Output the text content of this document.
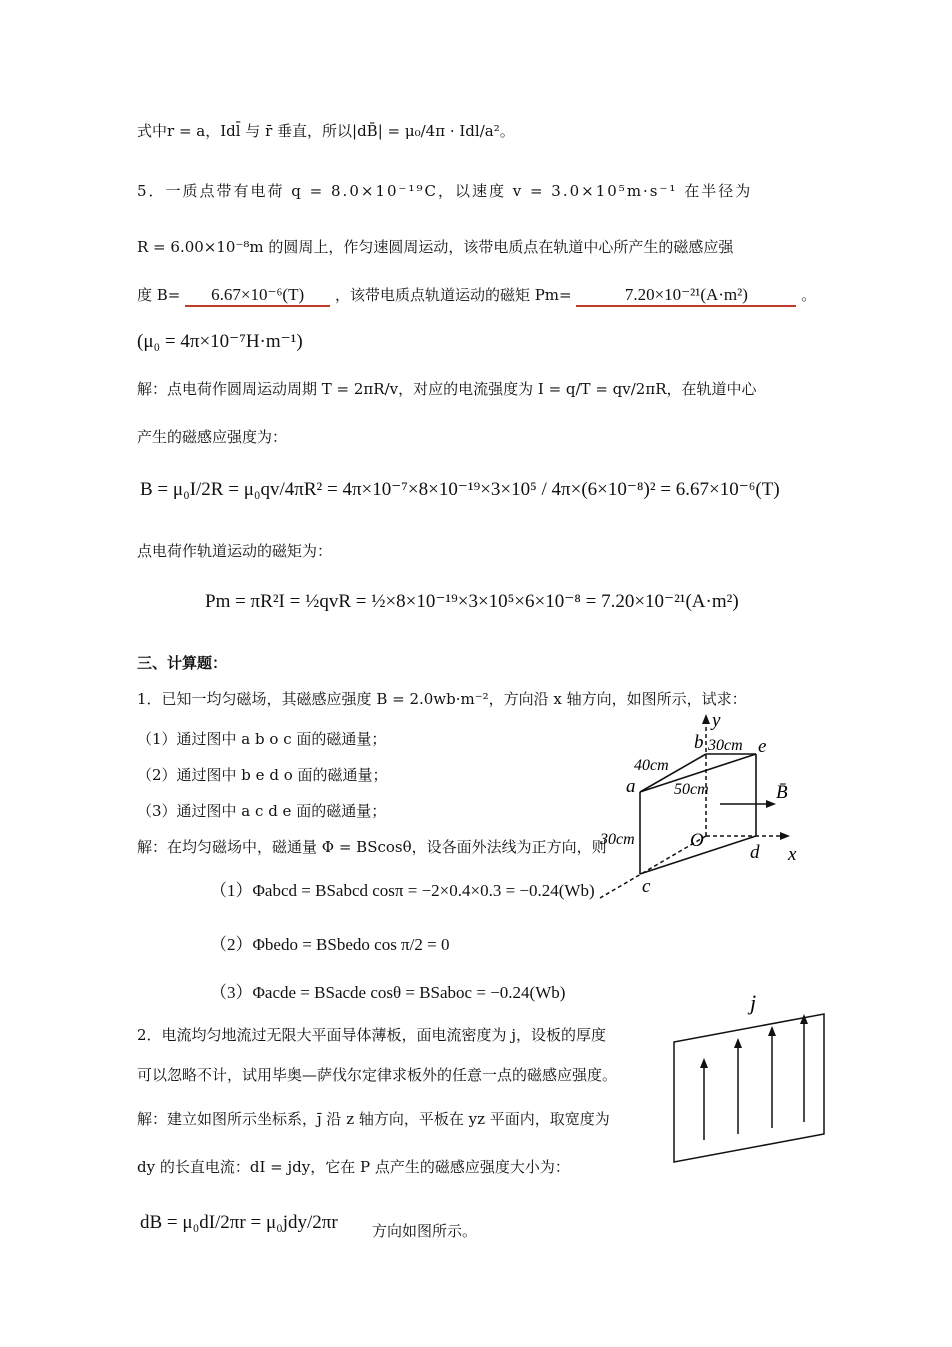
式中r = a，Idl̄ 与 r̄ 垂直，所以|dB̄| = μ₀/4π · Idl/a²。
5．一质点带有电荷 q = 8.0×10⁻¹⁹C，以速度 v = 3.0×10⁵m·s⁻¹ 在半径为
R = 6.00×10⁻⁸m 的圆周上，作匀速圆周运动，该带电质点在轨道中心所产生的磁感应强
度 B= 6.67×10⁻⁶(T) ，该带电质点轨道运动的磁矩 Pm=	7.20×10⁻²¹(A·m²)	。
(μ₀ = 4π×10⁻⁷H·m⁻¹)
解：点电荷作圆周运动周期 T = 2πR/v，对应的电流强度为 I = q/T = qv/2πR，在轨道中心
产生的磁感应强度为：
B = μ₀I/2R = μ₀qv/4πR² = 4π×10⁻⁷×8×10⁻¹⁹×3×10⁵ / 4π×(6×10⁻⁸)² = 6.67×10⁻⁶(T)
点电荷作轨道运动的磁矩为：
Pm = πR²I = ½qvR = ½×8×10⁻¹⁹×3×10⁵×6×10⁻⁸ = 7.20×10⁻²¹(A·m²)
三、计算题：
1．已知一均匀磁场，其磁感应强度 B = 2.0wb·m⁻²，方向沿 x 轴方向，如图所示，试求：
（1）通过图中 a b o c 面的磁通量；
（2）通过图中 b e d o 面的磁通量；
（3）通过图中 a c d e 面的磁通量；
解：在均匀磁场中，磁通量 Φ = BScosθ，设各面外法线为正方向，则
（1）Φabcd = BSabcd cosπ = −2×0.4×0.3 = −0.24(Wb)
（2）Φbedo = BSbedo cos π/2 = 0
（3）Φacde = BSacde cosθ = BSaboc = −0.24(Wb)
y
x
B̄
O
a
b
c
d
e
30cm
40cm
50cm
30cm
2．电流均匀地流过无限大平面导体薄板，面电流密度为 j，设板的厚度
可以忽略不计，试用毕奥—萨伐尔定律求板外的任意一点的磁感应强度。
解：建立如图所示坐标系，j̄ 沿 z 轴方向，平板在 yz 平面内，取宽度为
dy 的长直电流：dI = jdy，它在 P 点产生的磁感应强度大小为：
dB = μ₀dI/2πr = μ₀jdy/2πr 方向如图所示。
j
